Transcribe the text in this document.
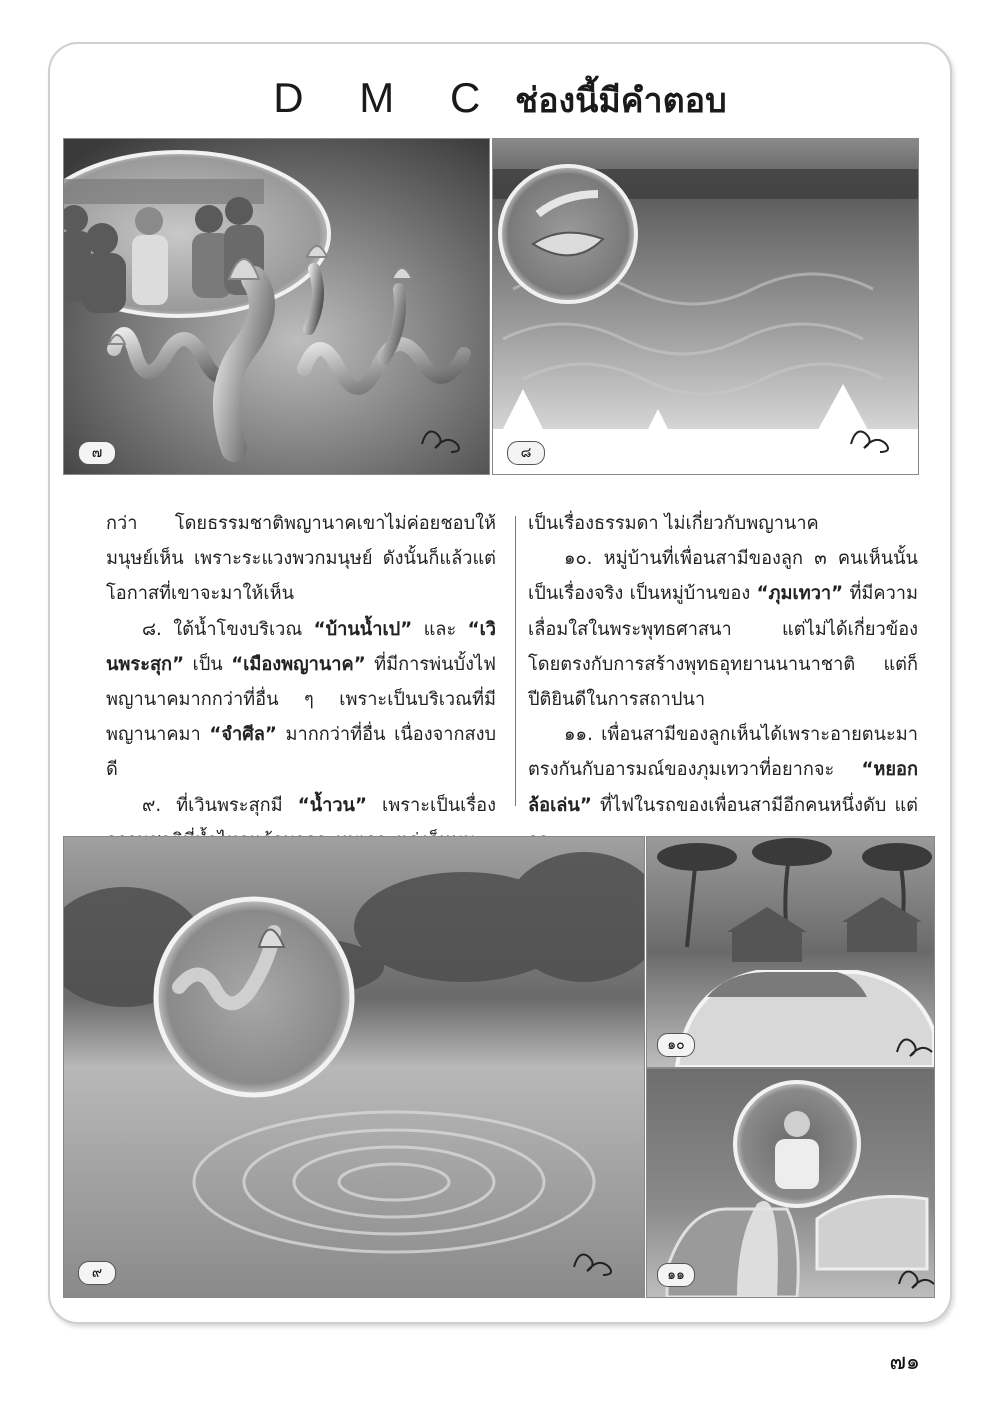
D M C ช่องนี้มีคำตอบ
๗	๘

กว่า โดยธรรมชาติพญานาคเขาไม่ค่อยชอบให้มนุษย์เห็น เพราะระแวงพวกมนุษย์ ดังนั้นก็แล้วแต่โอกาสที่เขาจะมาให้เห็น

๘. ใต้น้ำโขงบริเวณ “บ้านน้ำเป” และ “เวินพระสุก” เป็น “เมืองพญานาค” ที่มีการพ่นบั้งไฟพญานาคมากกว่าที่อื่น ๆ เพราะเป็นบริเวณที่มีพญานาคมา “จำศีล” มากกว่าที่อื่น เนื่องจากสงบดี

๙. ที่เวินพระสุกมี “น้ำวน” เพราะเป็นเรื่อง

เป็นเรื่องธรรมดา ไม่เกี่ยวกับพญานาค

๑๐. หมู่บ้านที่เพื่อนสามีของลูก ๓ คนเห็นนั้นเป็นเรื่องจริง เป็นหมู่บ้านของ “ภุมเทวา” ที่มีความเลื่อมใสในพระพุทธศาสนา แต่ไม่ได้เกี่ยวข้องโดยตรงกับการสร้างพุทธอุทยานนานาชาติ แต่ก็ปีติยินดีในการสถาปนา

๑๑. เพื่อนสามีของลูกเห็นได้เพราะอายตนะมาตรงกันกับอารมณ์ของภุมเทวาที่อยากจะ “หยอกล้อเล่น” ที่ไฟในรถของเพื่อนสามีอีกคนหนึ่งดับ แต่

๙
๑๐
๑๑
๗๑
